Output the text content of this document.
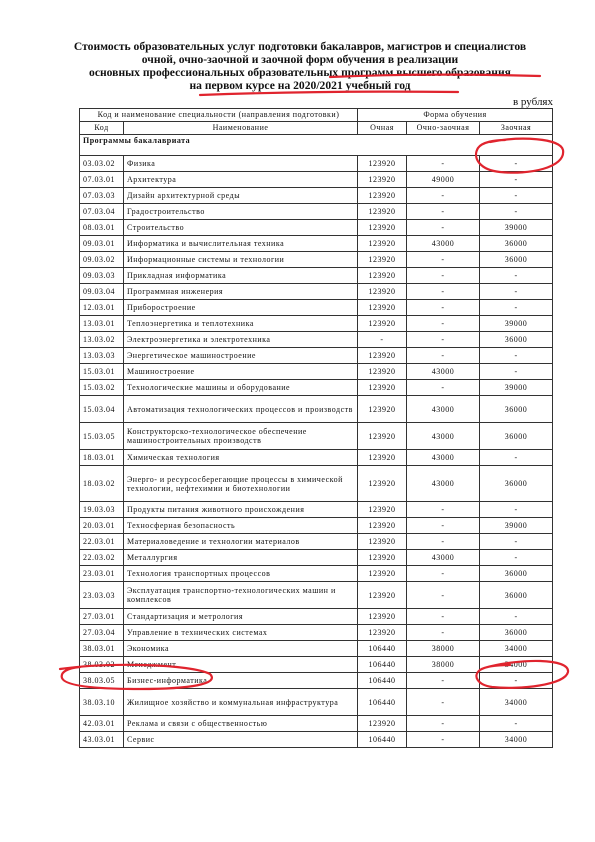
Стоимость образовательных услуг подготовки бакалавров, магистров и специалистов
очной, очно-заочной и заочной форм обучения в реализации
основных профессиональных образовательных программ высшего образования
на первом курсе на 2020/2021 учебный год
в рублях
Код и наименование специальности (направления подготовки)		Форма обучения		
Код	Наименование	Очная	Очно-заочная	Заочная
Программы бакалавриата				
03.03.02	Физика	123920	-	-
07.03.01	Архитектура	123920	49000	-
07.03.03	Дизайн архитектурной среды	123920	-	-
07.03.04	Градостроительство	123920	-	-
08.03.01	Строительство	123920	-	39000
09.03.01	Информатика и вычислительная техника	123920	43000	36000
09.03.02	Информационные системы и технологии	123920	-	36000
09.03.03	Прикладная информатика	123920	-	-
09.03.04	Программная инженерия	123920	-	-
12.03.01	Приборостроение	123920	-	-
13.03.01	Теплоэнергетика и теплотехника	123920	-	39000
13.03.02	Электроэнергетика и электротехника	-	-	36000
13.03.03	Энергетическое машиностроение	123920	-	-
15.03.01	Машиностроение	123920	43000	-
15.03.02	Технологические машины и оборудование	123920	-	39000
15.03.04	Автоматизация технологических процессов и производств	123920	43000	36000
15.03.05	Конструкторско-технологическое обеспечение машиностроительных производств	123920	43000	36000
18.03.01	Химическая технология	123920	43000	-
18.03.02	Энерго- и ресурсосберегающие процессы в химической технологии, нефтехимии и биотехнологии	123920	43000	36000
19.03.03	Продукты питания животного происхождения	123920	-	-
20.03.01	Техносферная безопасность	123920	-	39000
22.03.01	Материаловедение и технологии материалов	123920	-	-
22.03.02	Металлургия	123920	43000	-
23.03.01	Технология транспортных процессов	123920	-	36000
23.03.03	Эксплуатация транспортно-технологических машин и комплексов	123920	-	36000
27.03.01	Стандартизация и метрология	123920	-	-
27.03.04	Управление в технических системах	123920	-	36000
38.03.01	Экономика	106440	38000	34000
38.03.02	Менеджмент	106440	38000	34000
38.03.05	Бизнес-информатика	106440	-	-
38.03.10	Жилищное хозяйство и коммунальная инфраструктура	106440	-	34000
42.03.01	Реклама и связи с общественностью	123920	-	-
43.03.01	Сервис	106440	-	34000
